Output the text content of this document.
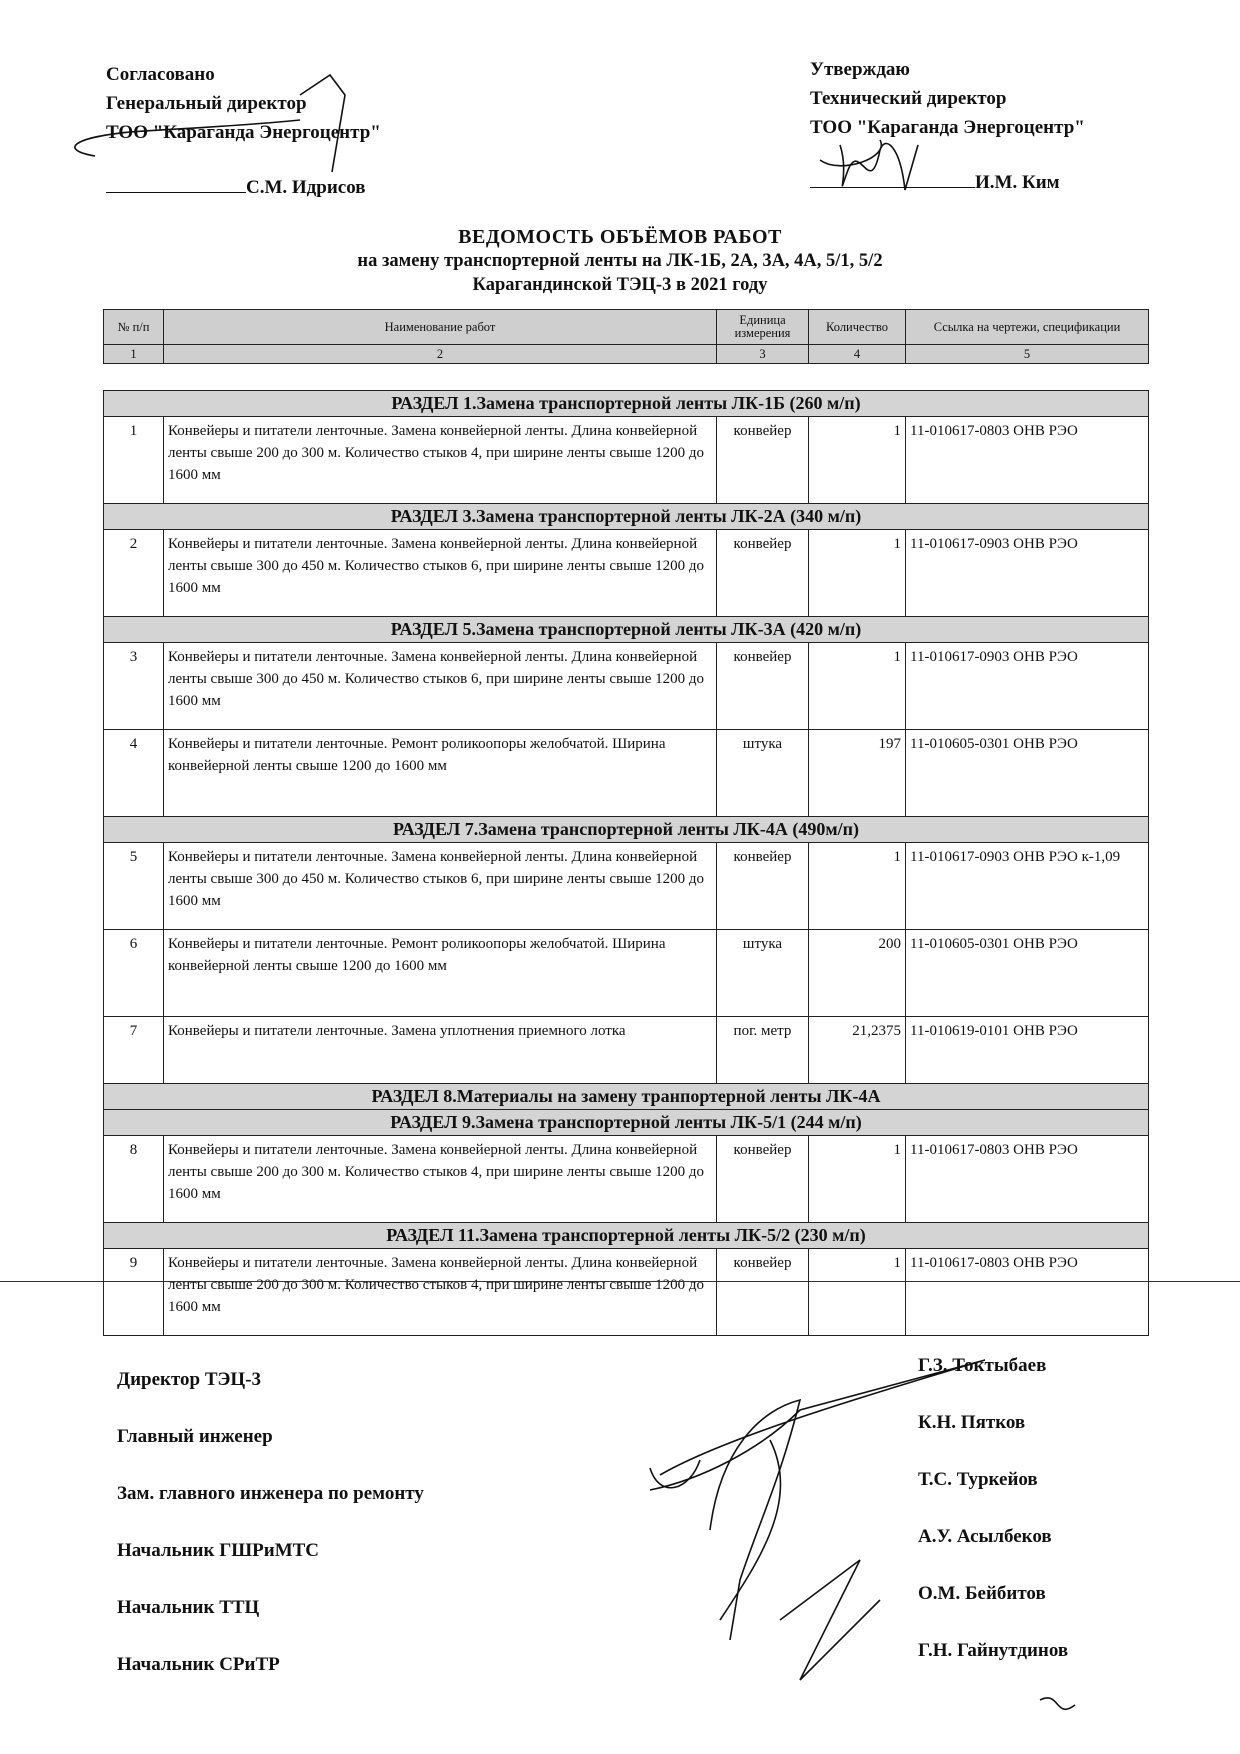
Согласовано
Генеральный директор
ТОО "Караганда Энергоцентр"
С.М. Идрисов
Утверждаю
Технический директор
ТОО "Караганда Энергоцентр"
И.М. Ким
ВЕДОМОСТЬ ОБЪЁМОВ РАБОТ
на замену транспортерной ленты на ЛК-1Б, 2А, 3А, 4А, 5/1, 5/2
Карагандинской ТЭЦ-3 в 2021 году
№ п/п	Наименование работ	Единица измерения	Количество	Ссылка на чертежи, спецификации
1	2	3	4	5

РАЗДЕЛ 1.Замена транспортерной ленты ЛК-1Б (260 м/п)				
1	Конвейеры и питатели ленточные. Замена конвейерной ленты. Длина конвейерной ленты свыше 200 до 300 м. Количество стыков 4, при ширине ленты свыше 1200 до 1600 мм	конвейер	1	11-010617-0803 ОНВ РЭО
РАЗДЕЛ 3.Замена транспортерной ленты ЛК-2А (340 м/п)				
2	Конвейеры и питатели ленточные. Замена конвейерной ленты. Длина конвейерной ленты свыше 300 до 450 м. Количество стыков 6, при ширине ленты свыше 1200 до 1600 мм	конвейер	1	11-010617-0903 ОНВ РЭО
РАЗДЕЛ 5.Замена транспортерной ленты ЛК-3А (420 м/п)				
3	Конвейеры и питатели ленточные. Замена конвейерной ленты. Длина конвейерной ленты свыше 300 до 450 м. Количество стыков 6, при ширине ленты свыше 1200 до 1600 мм	конвейер	1	11-010617-0903 ОНВ РЭО
4	Конвейеры и питатели ленточные. Ремонт роликоопоры желобчатой. Ширина конвейерной ленты свыше 1200 до 1600 мм	штука	197	11-010605-0301 ОНВ РЭО
РАЗДЕЛ 7.Замена транспортерной ленты ЛК-4А (490м/п)				
5	Конвейеры и питатели ленточные. Замена конвейерной ленты. Длина конвейерной ленты свыше 300 до 450 м. Количество стыков 6, при ширине ленты свыше 1200 до 1600 мм	конвейер	1	11-010617-0903 ОНВ РЭО к-1,09
6	Конвейеры и питатели ленточные. Ремонт роликоопоры желобчатой. Ширина конвейерной ленты свыше 1200 до 1600 мм	штука	200	11-010605-0301 ОНВ РЭО
7	Конвейеры и питатели ленточные. Замена уплотнения приемного лотка	пог. метр	21,2375	11-010619-0101 ОНВ РЭО
РАЗДЕЛ 8.Материалы на замену транпортерной ленты ЛК-4А				
РАЗДЕЛ 9.Замена транспортерной ленты ЛК-5/1 (244 м/п)				
8	Конвейеры и питатели ленточные. Замена конвейерной ленты. Длина конвейерной ленты свыше 200 до 300 м. Количество стыков 4, при ширине ленты свыше 1200 до 1600 мм	конвейер	1	11-010617-0803 ОНВ РЭО
РАЗДЕЛ 11.Замена транспортерной ленты ЛК-5/2 (230 м/п)				
9	Конвейеры и питатели ленточные. Замена конвейерной ленты. Длина конвейерной ленты свыше 200 до 300 м. Количество стыков 4, при ширине ленты свыше 1200 до 1600 мм	конвейер	1	11-010617-0803 ОНВ РЭО
Директор ТЭЦ-3
Главный инженер
Зам. главного инженера по ремонту
Начальник ГШРиМТС
Начальник ТТЦ
Начальник СРиТР
Г.З. Токтыбаев
К.Н. Пятков
Т.С. Туркейов
А.У. Асылбеков
О.М. Бейбитов
Г.Н. Гайнутдинов
